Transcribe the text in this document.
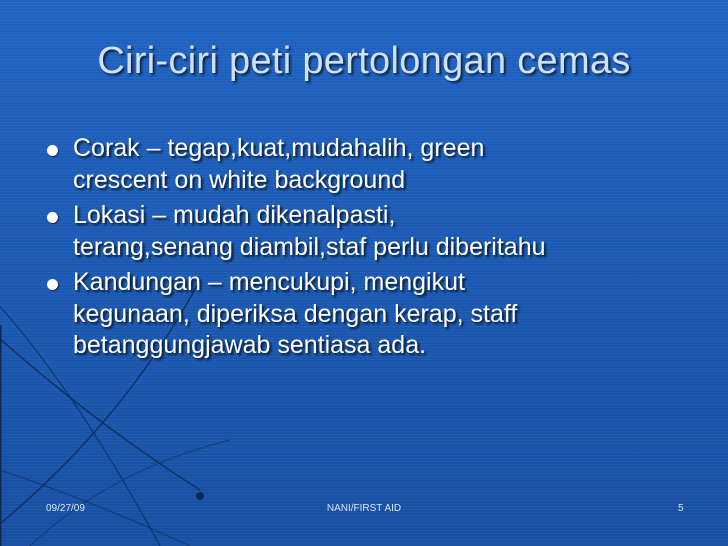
Ciri-ciri peti pertolongan cemas
Corak – tegap,kuat,mudahalih, green
crescent on white background
Lokasi – mudah dikenalpasti,
terang,senang diambil,staf perlu diberitahu
Kandungan – mencukupi, mengikut
kegunaan, diperiksa dengan kerap, staff
betanggungjawab sentiasa ada.
09/27/09	NANI/FIRST AID	5
